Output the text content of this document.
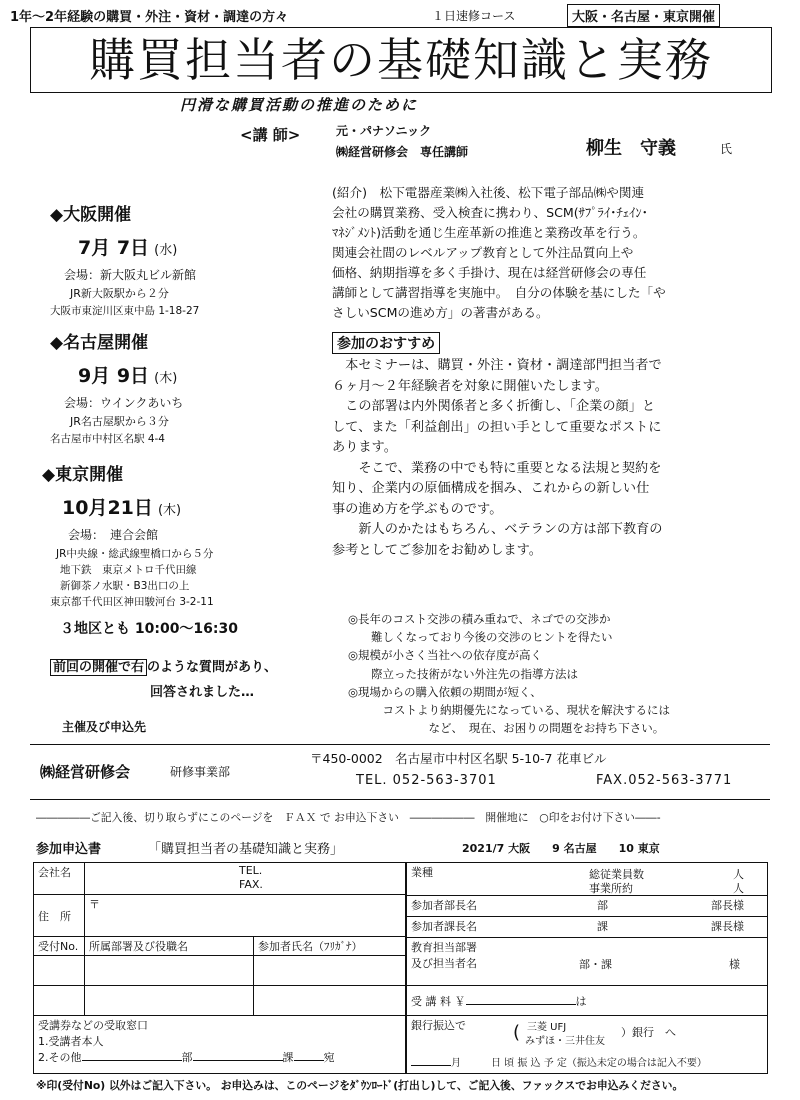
1年～2年経験の購買・外注・資材・調達の方々	１日速修コース	大阪・名古屋・東京開催
購買担当者の基礎知識と実務
円滑な購買活動の推進のために
<講 師>	元・パナソニック
㈱経営研修会　専任講師	柳生　守義	氏
◆大阪開催
7月 7日 (水)
会場：新大阪丸ビル新館
JR新大阪駅から２分
大阪市東淀川区東中島 1-18-27
◆名古屋開催
9月 9日 (木)
会場：ウインクあいち
JR名古屋駅から３分
名古屋市中村区名駅 4-4
◆東京開催
10月21日 (木)
会場：　連合会館
JR中央線・総武線聖橋口から５分
地下鉄　東京メトロ千代田線
新御茶ノ水駅・B3出口の上
東京都千代田区神田駿河台 3-2-11
３地区とも 10:00～16:30
前回の開催で右 のような質問があり、
回答されました…
(紹介)　松下電器産業㈱入社後、松下電子部品㈱や関連
会社の購買業務、受入検査に携わり、SCM(ｻﾌﾟﾗｲ･ﾁｪｲﾝ･
ﾏﾈｼﾞﾒﾝﾄ)活動を通じ生産革新の推進と業務改革を行う。
関連会社間のレベルアップ教育として外注品質向上や
価格、納期指導を多く手掛け、現在は経営研修会の専任
講師として講習指導を実施中。　自分の体験を基にした「や
さしいSCMの進め方」の著書がある。
参加のおすすめ
　本セミナーは、購買・外注・資材・調達部門担当者で
６ヶ月～２年経験者を対象に開催いたします。
　この部署は内外関係者と多く折衝し、「企業の顔」と
して、また「利益創出」の担い手として重要なポストに
あります。
　　そこで、業務の中でも特に重要となる法規と契約を
知り、企業内の原価構成を掴み、これからの新しい仕
事の進め方を学ぶものです。
　　新人のかたはもちろん、ベテランの方は部下教育の
参考としてご参加をお勧めします。
◎長年のコスト交渉の積み重ねで、ネゴでの交渉か
　　難しくなっており今後の交渉のヒントを得たい
◎規模が小さく当社への依存度が高く
　　際立った技術がない外注先の指導方法は
◎現場からの購入依頼の期間が短く、
　　　コストより納期優先になっている、現状を解決するには
　　　　　　　など、　現在、お困りの問題をお持ち下さい。
主催及び申込先
㈱経営研修会	研修事業部
〒450-0002　名古屋市中村区名駅 5-10-7 花車ビル
TEL. 052-563-3701	FAX.052-563-3771
―――――ご記入後、切り取らずにこのページを　ＦＡＸ で お申込下さい　――――――　開催地に　○印をお付け下さい――-
参加申込書	「購買担当者の基礎知識と実務」	2021/7 大阪　　9 名古屋　　10 東京
会社名	TEL.
FAX.	

住　所	〒	
受付No.	所属部署及び役職名	参加者氏名（ﾌﾘｶﾞﾅ）

受講券などの受取窓口
1.受講者本人
2.その他 部 課 宛		
業種	総従業員数	人
事業所約	人

参加者部長名	部	部長様

参加者課長名	課	課長様

教育担当部署
及び担当者名	部・課	様

受 講 料 ￥	は
銀行振込で	( 三菱 UFJ
みずほ・三井住友
）銀行　へ
月　　　日 頃 振 込 予 定（振込未定の場合は記入不要）
※印(受付No) 以外はご記入下さい。 お申込みは、このページをﾀﾞｳﾝﾛｰﾄﾞ(打出し)して、ご記入後、ファックスでお申込みください。
